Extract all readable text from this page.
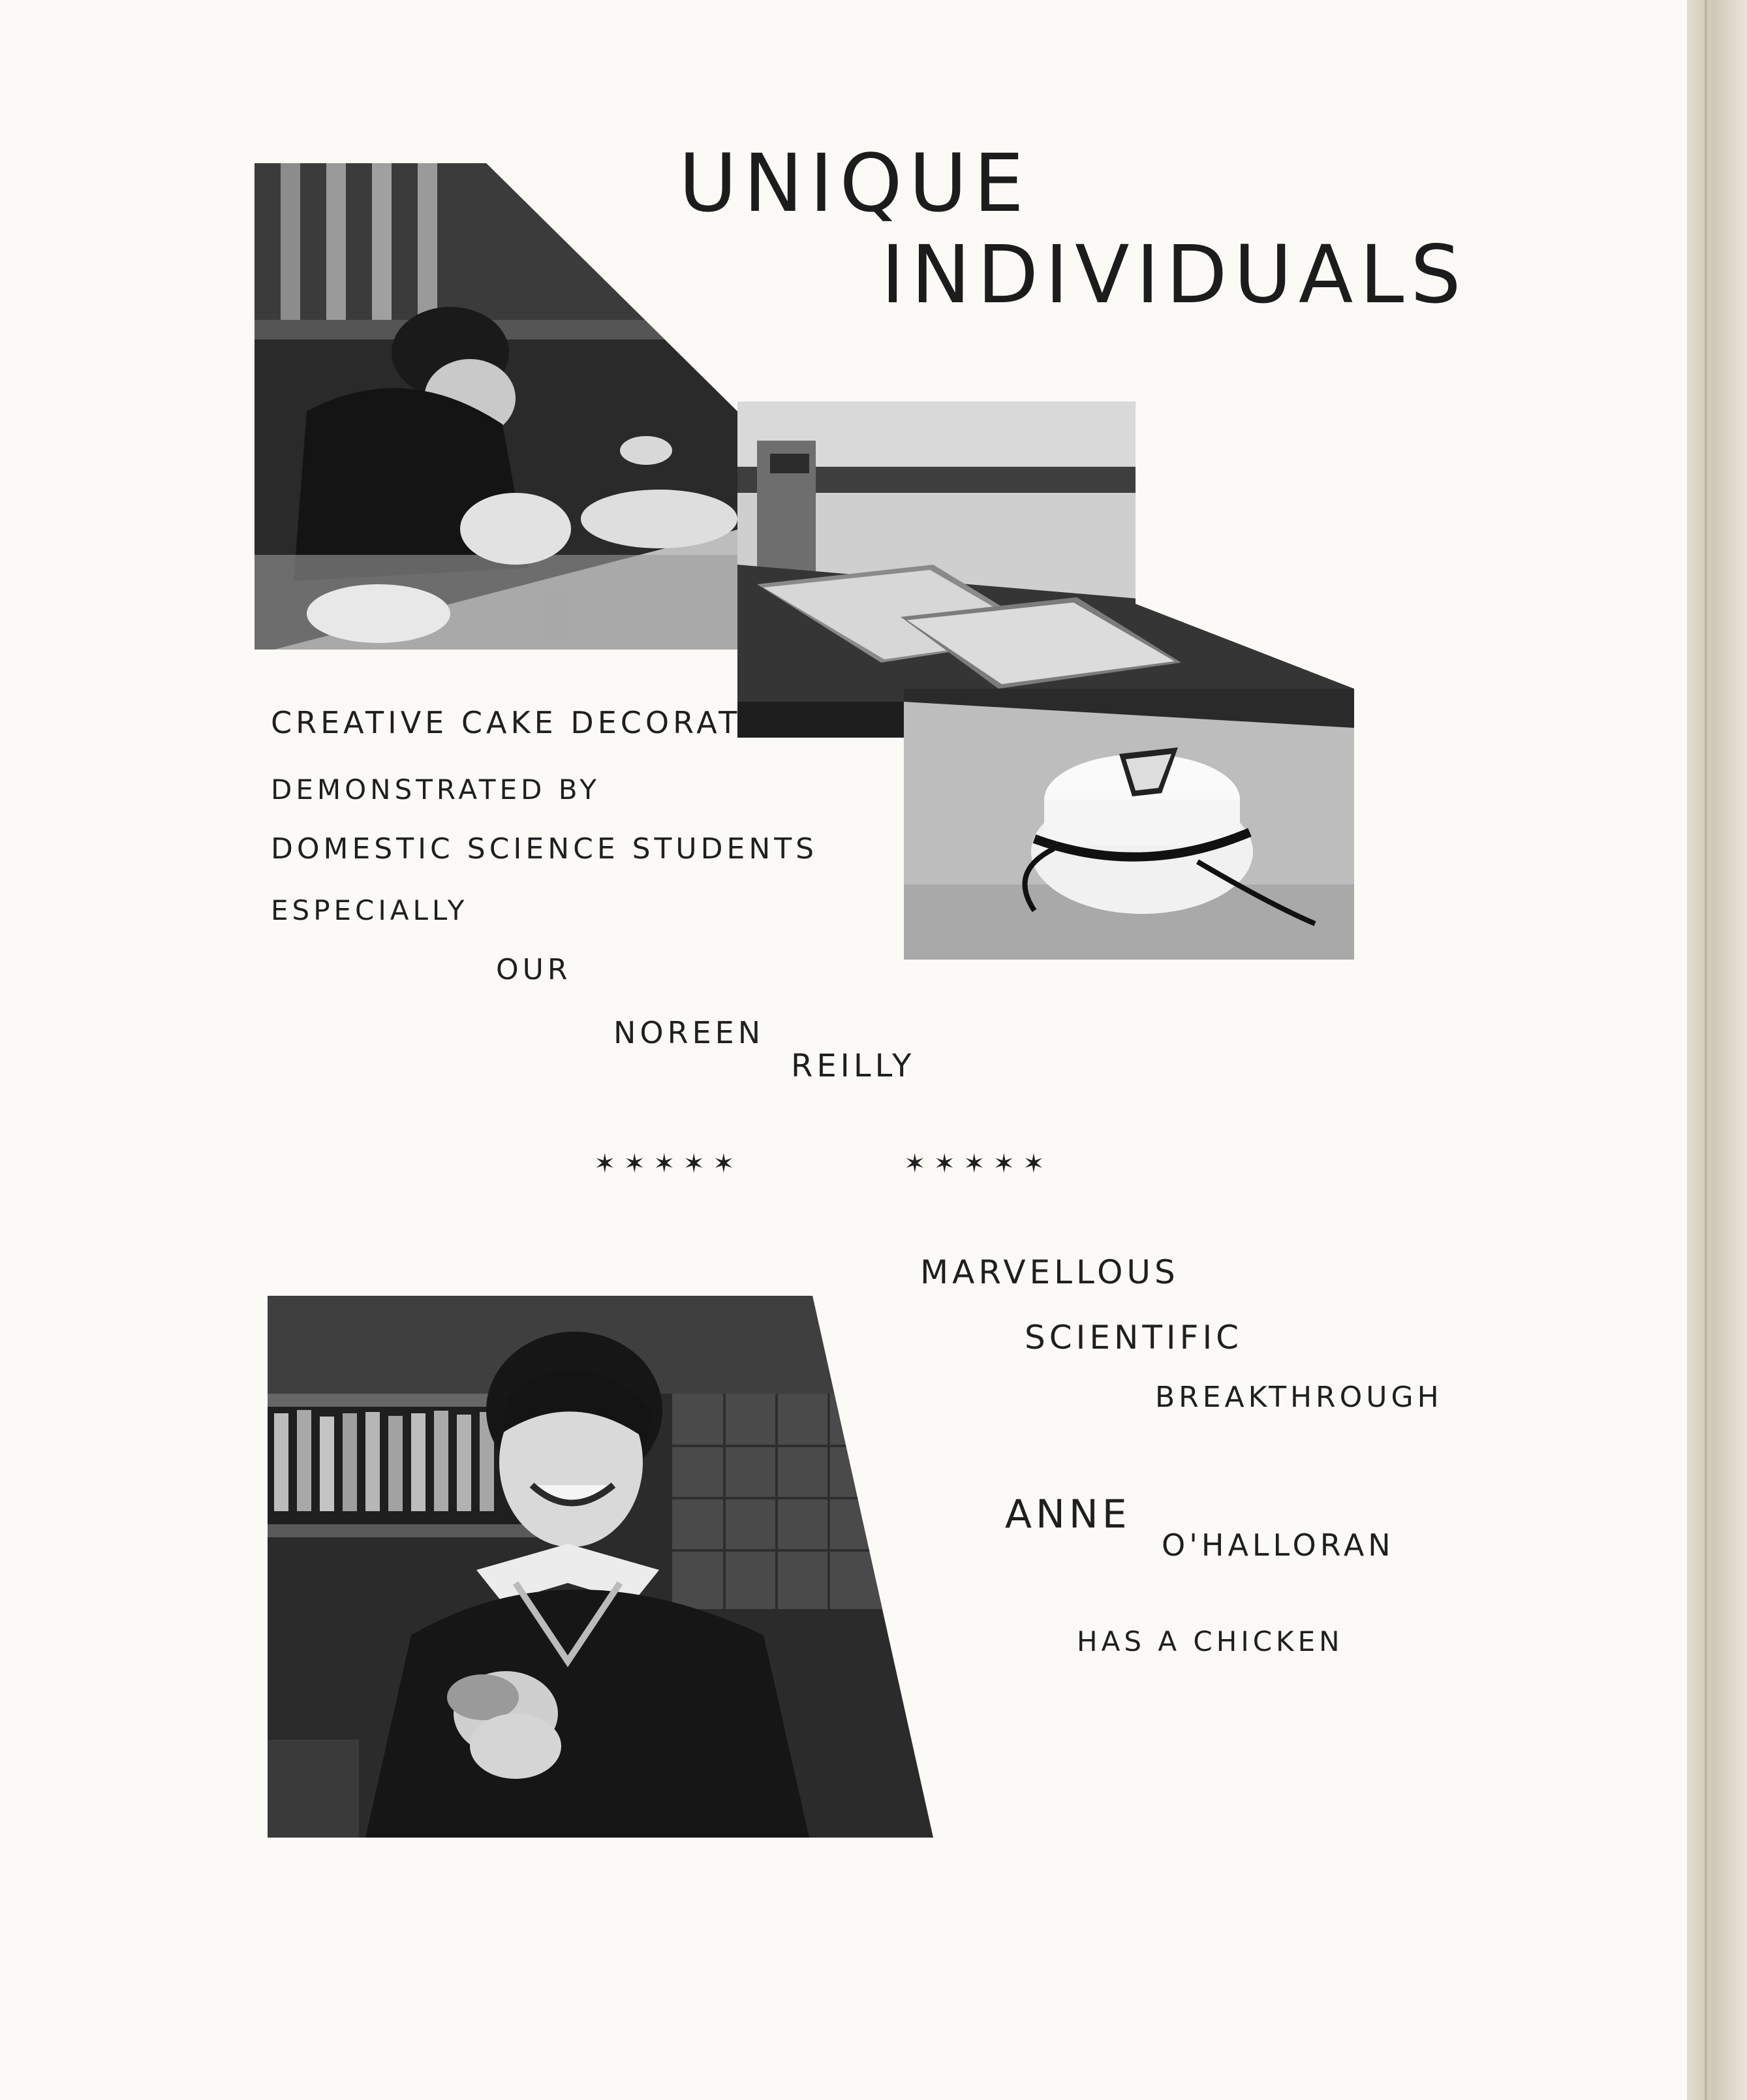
UNIQUE
INDIVIDUALS

CREATIVE CAKE DECORATING

DEMONSTRATED BY

DOMESTIC SCIENCE STUDENTS

ESPECIALLY

OUR

NOREEN

REILLY

✶✶✶✶✶	✶✶✶✶✶

MARVELLOUS

SCIENTIFIC

BREAKTHROUGH

ANNE

O'HALLORAN

HAS A CHICKEN
